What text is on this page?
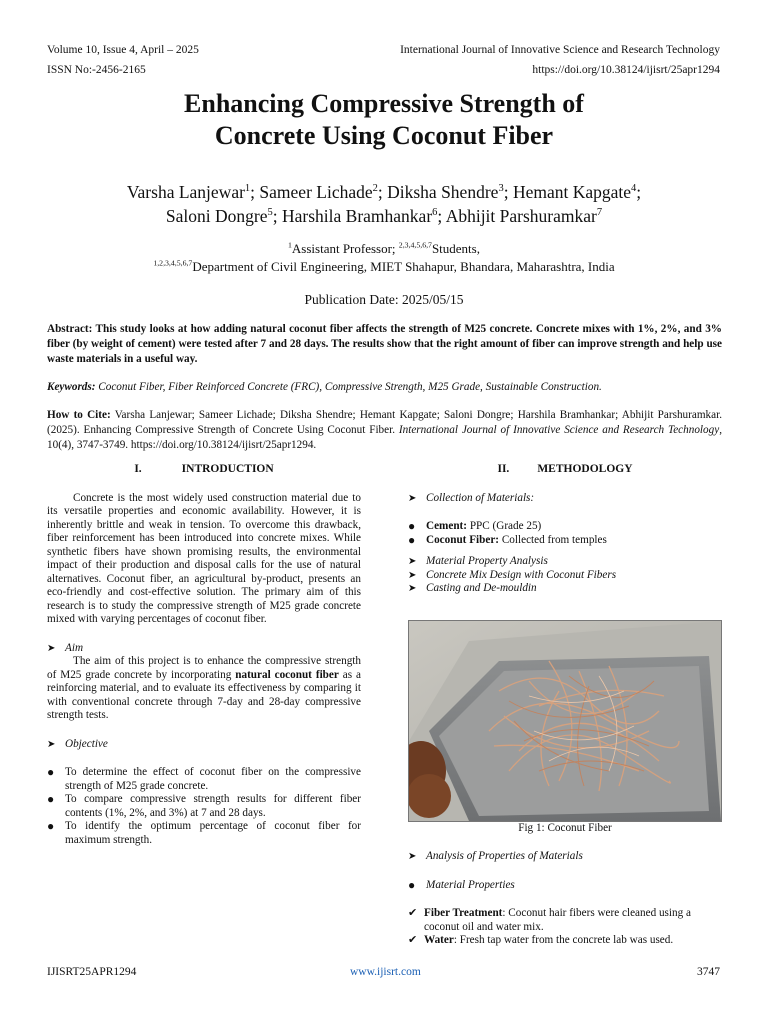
Volume 10, Issue 4, April – 2025	International Journal of Innovative Science and Research Technology
ISSN No:-2456-2165	https://doi.org/10.38124/ijisrt/25apr1294
Enhancing Compressive Strength of
Concrete Using Coconut Fiber
Varsha Lanjewar$^1$; Sameer Lichade$^2$; Diksha Shendre$^3$; Hemant Kapgate$^4$;
Saloni Dongre$^5$; Harshila Bramhankar$^6$; Abhijit Parshuramkar$^7$
$^1$Assistant Professor; $^{2,3,4,5,6,7}$Students,
$^{1,2,3,4,5,6,7}$Department of Civil Engineering, MIET Shahapur, Bhandara, Maharashtra, India
Publication Date: 2025/05/15
Abstract: This study looks at how adding natural coconut fiber affects the strength of M25 concrete. Concrete mixes with 1%, 2%, and 3% fiber (by weight of cement) were tested after 7 and 28 days. The results show that the right amount of fiber can improve strength and help use waste materials in a useful way.
Keywords: Coconut Fiber, Fiber Reinforced Concrete (FRC), Compressive Strength, M25 Grade, Sustainable Construction.
How to Cite: Varsha Lanjewar; Sameer Lichade; Diksha Shendre; Hemant Kapgate; Saloni Dongre; Harshila Bramhankar; Abhijit Parshuramkar. (2025). Enhancing Compressive Strength of Concrete Using Coconut Fiber. International Journal of Innovative Science and Research Technology, 10(4), 3747-3749. https://doi.org/10.38124/ijisrt/25apr1294.
I.	INTRODUCTION
Concrete is the most widely used construction material due to its versatile properties and economic availability. However, it is inherently brittle and weak in tension. To overcome this drawback, fiber reinforcement has been introduced into concrete mixes. While synthetic fibers have shown promising results, the environmental impact of their production and disposal calls for the use of natural alternatives. Coconut fiber, an agricultural by-product, presents an eco-friendly and cost-effective solution. The primary aim of this research is to study the compressive strength of M25 grade concrete mixed with varying percentages of coconut fiber.
➤ Aim
The aim of this project is to enhance the compressive strength of M25 grade concrete by incorporating natural coconut fiber as a reinforcing material, and to evaluate its effectiveness by comparing it with conventional concrete through 7-day and 28-day compressive strength tests.
➤ Objective
● To determine the effect of coconut fiber on the compressive strength of M25 grade concrete.
● To compare compressive strength results for different fiber contents (1%, 2%, and 3%) at 7 and 28 days.
● To identify the optimum percentage of coconut fiber for maximum strength.
II. METHODOLOGY
➤ Collection of Materials:
● Cement: PPC (Grade 25)
● Coconut Fiber: Collected from temples
➤ Material Property Analysis
➤ Concrete Mix Design with Coconut Fibers
➤ Casting and De-mouldin
Fig 1: Coconut Fiber
➤ Analysis of Properties of Materials
● Material Properties
✔ Fiber Treatment: Coconut hair fibers were cleaned using a coconut oil and water mix.
✔ Water: Fresh tap water from the concrete lab was used.
IJISRT25APR1294	www.ijisrt.com	3747
